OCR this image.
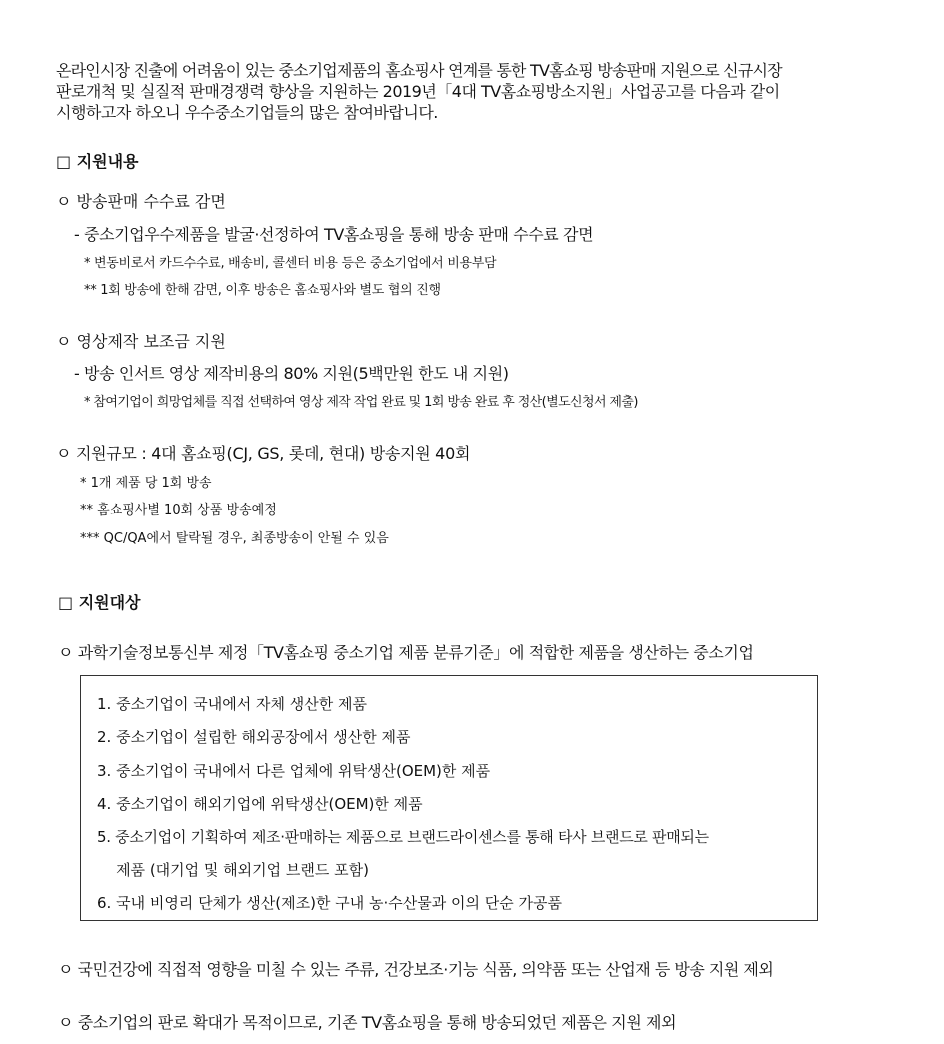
온라인시장 진출에 어려움이 있는 중소기업제품의 홈쇼핑사 연계를 통한 TV홈쇼핑 방송판매 지원으로 신규시장
판로개척 및 실질적 판매경쟁력 향상을 지원하는 2019년「4대 TV홈쇼핑방소지원」사업공고를 다음과 같이
시행하고자 하오니 우수중소기업들의 많은 참여바랍니다.
□ 지원내용
ㅇ 방송판매 수수료 감면
- 중소기업우수제품을 발굴·선정하여 TV홈쇼핑을 통해 방송 판매 수수료 감면
* 변동비로서 카드수수료, 배송비, 콜센터 비용 등은 중소기업에서 비용부담
** 1회 방송에 한해 감면, 이후 방송은 홈쇼핑사와 별도 협의 진행
ㅇ 영상제작 보조금 지원
- 방송 인서트 영상 제작비용의 80% 지원(5백만원 한도 내 지원)
* 참여기업이 희망업체를 직접 선택하여 영상 제작 작업 완료 및 1회 방송 완료 후 정산(별도신청서 제출)
ㅇ 지원규모 : 4대 홈쇼핑(CJ, GS, 롯데, 현대) 방송지원 40회
* 1개 제품 당 1회 방송
** 홈쇼핑사별 10회 상품 방송예정
*** QC/QA에서 탈락될 경우, 최종방송이 안될 수 있음
□ 지원대상
ㅇ 과학기술정보통신부 제정「TV홈쇼핑 중소기업 제품 분류기준」에 적합한 제품을 생산하는 중소기업
1. 중소기업이 국내에서 자체 생산한 제품
2. 중소기업이 설립한 해외공장에서 생산한 제품
3. 중소기업이 국내에서 다른 업체에 위탁생산(OEM)한 제품
4. 중소기업이 해외기업에 위탁생산(OEM)한 제품
5. 중소기업이 기획하여 제조·판매하는 제품으로 브랜드라이센스를 통해 타사 브랜드로 판매되는
제품 (대기업 및 해외기업 브랜드 포함)
6. 국내 비영리 단체가 생산(제조)한 구내 농·수산물과 이의 단순 가공품
ㅇ 국민건강에 직접적 영향을 미칠 수 있는 주류, 건강보조·기능 식품, 의약품 또는 산업재 등 방송 지원 제외
ㅇ 중소기업의 판로 확대가 목적이므로, 기존 TV홈쇼핑을 통해 방송되었던 제품은 지원 제외
